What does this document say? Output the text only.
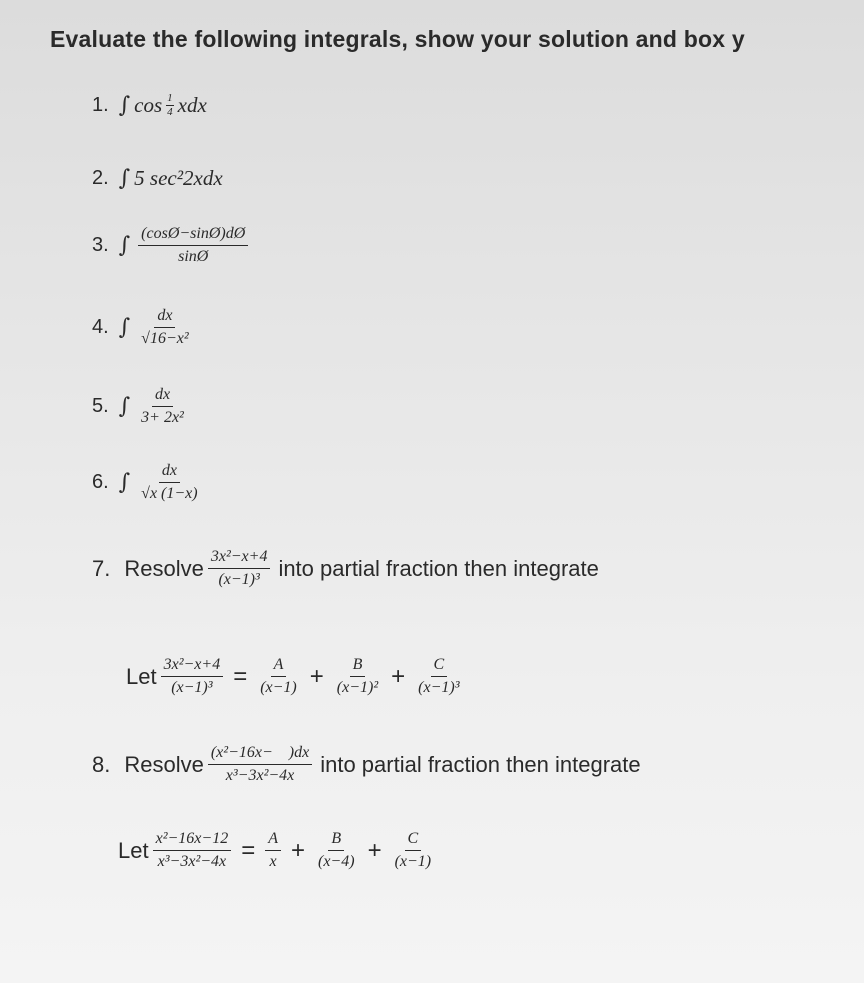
Evaluate the following integrals, show your solution and box y
1. ∫ $\cos \frac{1}{4}$ xdx
2. ∫ 5 sec²2xdx
3. ∫ $\frac{(\cos Ø-\sin Ø)dØ}{\sin Ø}$
4. ∫ $\frac{dx}{\text{√16−x²}}$
5. ∫ $\frac{dx}{\text{3+ 2x²}}$
6. ∫ $\frac{dx}{√x (1-x)}$
7. Resolve $\frac{\text{3x²−x+4}}{\text{(x−1)³}}$ into partial fraction then integrate
Let $\frac{\text{3x²−x+4}}{\text{(x−1)³}} = \frac{A}{(x-1)} + \frac{B}{\text{(x−1)²}} + \frac{C}{\text{(x−1)³}}$
8. Resolve $\frac{\text{(x²−16x−    )dx}}{\text{x³−3x²−4x}}$ into partial fraction then integrate
Let $\frac{\text{x²−16x−12}}{\text{x³−3x²−4x}} = \frac{A}{x} + \frac{B}{(x-4)} + \frac{C}{(x-1)}$
